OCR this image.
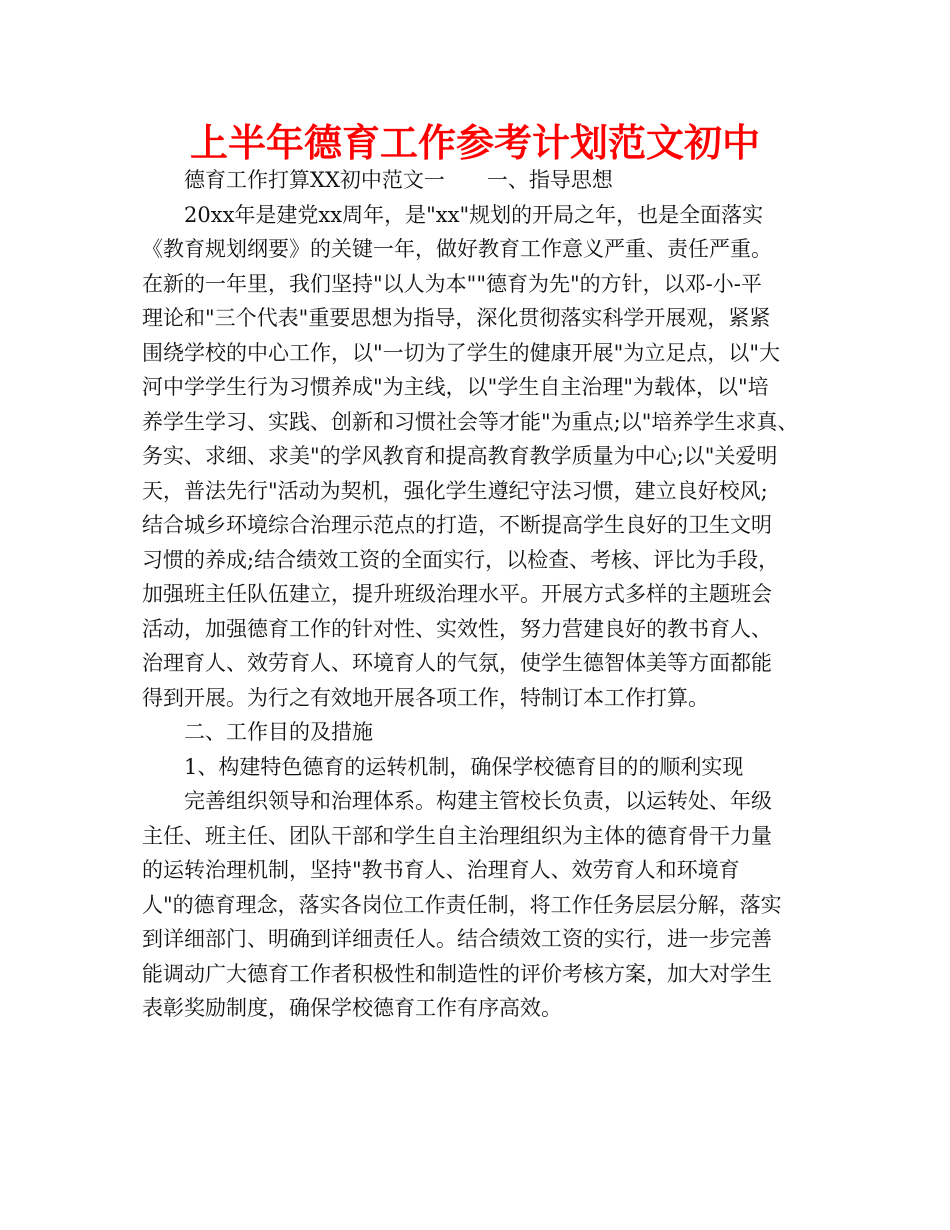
上半年德育工作参考计划范文初中
德育工作打算XX初中范文一　　一、指导思想
20xx年是建党xx周年，是"xx"规划的开局之年，也是全面落实
《教育规划纲要》的关键一年，做好教育工作意义严重、责任严重。
在新的一年里，我们坚持"以人为本""德育为先"的方针，以邓-小-平
理论和"三个代表"重要思想为指导，深化贯彻落实科学开展观，紧紧
围绕学校的中心工作，以"一切为了学生的健康开展"为立足点，以"大
河中学学生行为习惯养成"为主线，以"学生自主治理"为载体，以"培
养学生学习、实践、创新和习惯社会等才能"为重点;以"培养学生求真、
务实、求细、求美"的学风教育和提高教育教学质量为中心;以"关爱明
天，普法先行"活动为契机，强化学生遵纪守法习惯，建立良好校风;
结合城乡环境综合治理示范点的打造，不断提高学生良好的卫生文明
习惯的养成;结合绩效工资的全面实行，以检查、考核、评比为手段，
加强班主任队伍建立，提升班级治理水平。开展方式多样的主题班会
活动，加强德育工作的针对性、实效性，努力营建良好的教书育人、
治理育人、效劳育人、环境育人的气氛，使学生德智体美等方面都能
得到开展。为行之有效地开展各项工作，特制订本工作打算。
二、工作目的及措施
1、构建特色德育的运转机制，确保学校德育目的的顺利实现
完善组织领导和治理体系。构建主管校长负责，以运转处、年级
主任、班主任、团队干部和学生自主治理组织为主体的德育骨干力量
的运转治理机制，坚持"教书育人、治理育人、效劳育人和环境育
人"的德育理念，落实各岗位工作责任制，将工作任务层层分解，落实
到详细部门、明确到详细责任人。结合绩效工资的实行，进一步完善
能调动广大德育工作者积极性和制造性的评价考核方案，加大对学生
表彰奖励制度，确保学校德育工作有序高效。
